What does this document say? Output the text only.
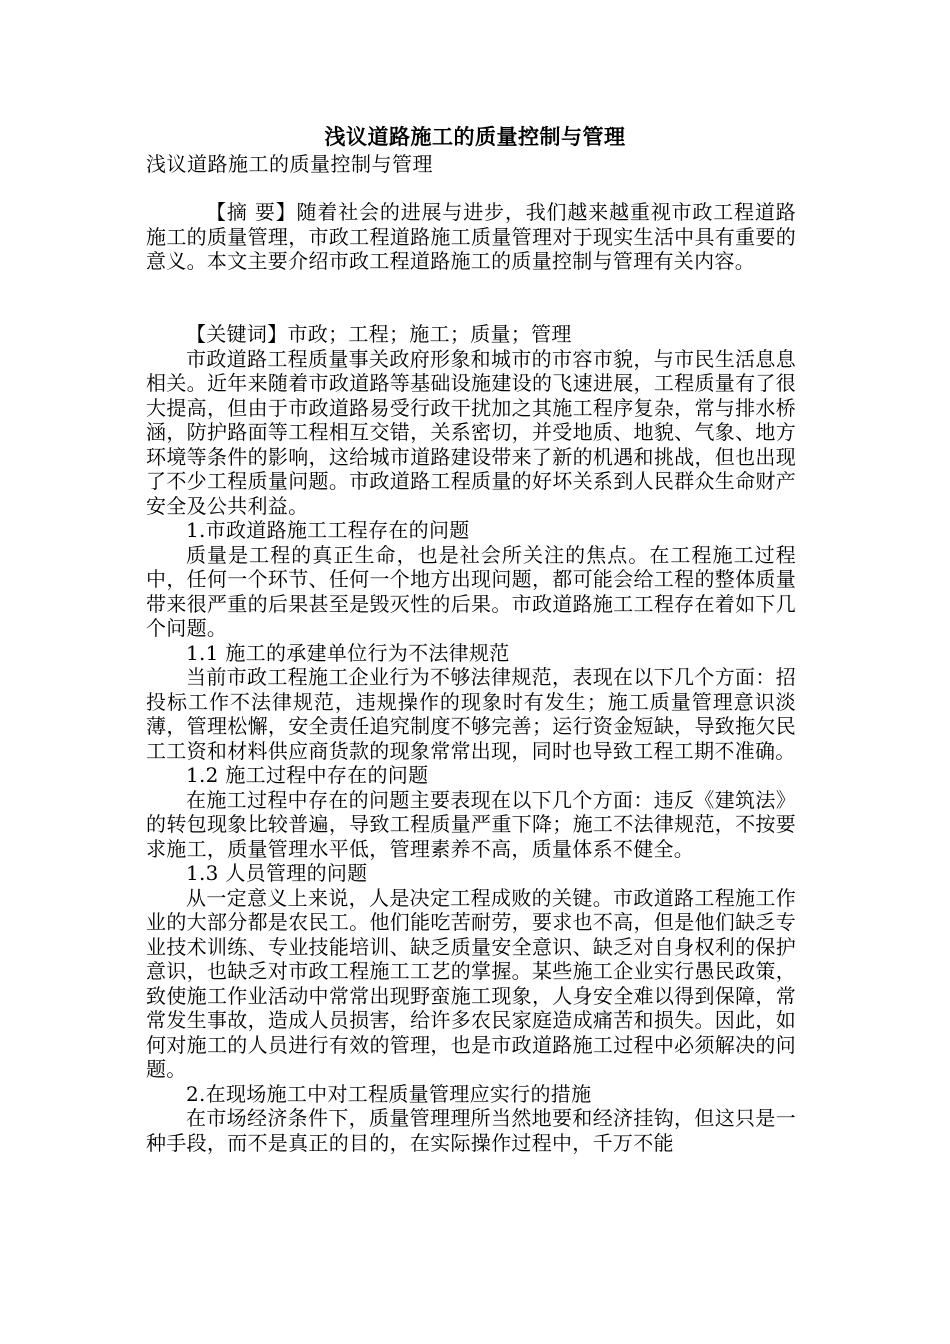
浅议道路施工的质量控制与管理
浅议道路施工的质量控制与管理

【摘 要】随着社会的进展与进步，我们越来越重视市政工程道路施工的质量管理，市政工程道路施工质量管理对于现实生活中具有重要的意义。本文主要介绍市政工程道路施工的质量控制与管理有关内容。

【关键词】市政；工程；施工；质量；管理

市政道路工程质量事关政府形象和城市的市容市貌，与市民生活息息相关。近年来随着市政道路等基础设施建设的飞速进展，工程质量有了很大提高，但由于市政道路易受行政干扰加之其施工程序复杂，常与排水桥涵，防护路面等工程相互交错，关系密切，并受地质、地貌、气象、地方环境等条件的影响，这给城市道路建设带来了新的机遇和挑战，但也出现了不少工程质量问题。市政道路工程质量的好坏关系到人民群众生命财产安全及公共利益。

1.市政道路施工工程存在的问题

质量是工程的真正生命，也是社会所关注的焦点。在工程施工过程中，任何一个环节、任何一个地方出现问题，都可能会给工程的整体质量带来很严重的后果甚至是毁灭性的后果。市政道路施工工程存在着如下几个问题。

1.1 施工的承建单位行为不法律规范

当前市政工程施工企业行为不够法律规范，表现在以下几个方面：招投标工作不法律规范，违规操作的现象时有发生；施工质量管理意识淡薄，管理松懈，安全责任追究制度不够完善；运行资金短缺，导致拖欠民工工资和材料供应商货款的现象常常出现，同时也导致工程工期不准确。

1.2 施工过程中存在的问题

在施工过程中存在的问题主要表现在以下几个方面：违反《建筑法》的转包现象比较普遍，导致工程质量严重下降；施工不法律规范，不按要求施工，质量管理水平低，管理素养不高，质量体系不健全。

1.3 人员管理的问题

从一定意义上来说，人是决定工程成败的关键。市政道路工程施工作业的大部分都是农民工。他们能吃苦耐劳，要求也不高，但是他们缺乏专业技术训练、专业技能培训、缺乏质量安全意识、缺乏对自身权利的保护意识，也缺乏对市政工程施工工艺的掌握。某些施工企业实行愚民政策，致使施工作业活动中常常出现野蛮施工现象，人身安全难以得到保障，常常发生事故，造成人员损害，给许多农民家庭造成痛苦和损失。因此，如何对施工的人员进行有效的管理，也是市政道路施工过程中必须解决的问题。

2.在现场施工中对工程质量管理应实行的措施

在市场经济条件下，质量管理理所当然地要和经济挂钩，但这只是一种手段，而不是真正的目的，在实际操作过程中，千万不能
